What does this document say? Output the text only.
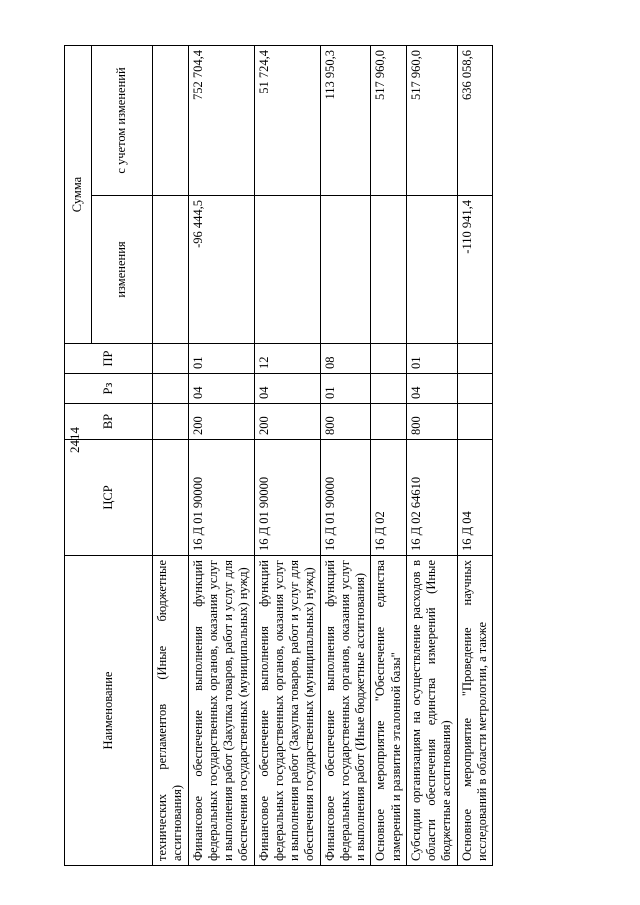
2414
Наименование	ЦСР	ВР	Рз	ПР	Сумма	
					изменения	с учетом изменений
технических регламентов (Иные бюджетные ассигнования)						
Финансовое обеспечение выполнения функций федеральных государственных органов, оказания услуг и выполнения работ (Закупка товаров, работ и услуг для обеспечения государственных (муниципальных) нужд)	16 Д 01 90000	200	04	01	-96 444,5	752 704,4
Финансовое обеспечение выполнения функций федеральных государственных органов, оказания услуг и выполнения работ (Закупка товаров, работ и услуг для обеспечения государственных (муниципальных) нужд)	16 Д 01 90000	200	04	12		51 724,4
Финансовое обеспечение выполнения функций федеральных государственных органов, оказания услуг и выполнения работ (Иные бюджетные ассигнования)	16 Д 01 90000	800	01	08		113 950,3
Основное мероприятие "Обеспечение единства измерений и развитие эталонной базы"	16 Д 02					517 960,0
Субсидии организациям на осуществление расходов в области обеспечения единства измерений (Иные бюджетные ассигнования)	16 Д 02 64610	800	04	01		517 960,0
Основное мероприятие "Проведение научных исследований в области метрологии, а также	16 Д 04				-110 941,4	636 058,6
